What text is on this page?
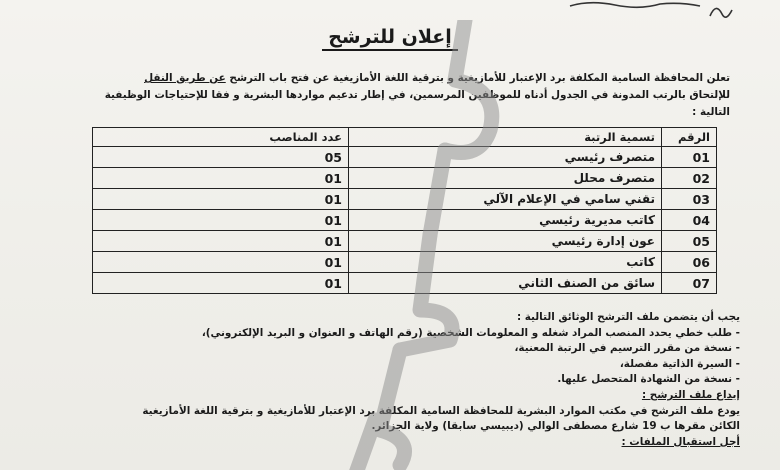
إعلان للترشح
تعلن المحافظة السامية المكلفة برد الإعتبار للأمازيغية و بترقية اللغة الأمازيغية عن فتح باب الترشح عن طريق النقل
للإلتحاق بالرتب المدونة في الجدول أدناه للموظفين المرسمين، في إطار تدعيم مواردها البشرية و فقا للإحتياجات الوظيفية
التالية :
الرقم	تسمية الرتبة	عدد المناصب
01	متصرف رئيسي	05
02	متصرف محلل	01
03	تقني سامي في الإعلام الآلي	01
04	كاتب مديرية رئيسي	01
05	عون إدارة رئيسي	01
06	كاتب	01
07	سائق من الصنف الثاني	01
يجب أن يتضمن ملف الترشح الوثائق التالية :
- طلب خطي يحدد المنصب المراد شغله و المعلومات الشخصية (رقم الهاتف و العنوان و البريد الإلكتروني)،
- نسخة من مقرر الترسيم في الرتبة المعنية،
- السيرة الذاتية مفصلة،
- نسخة من الشهادة المتحصل عليها.
إيداع ملف الترشح :
يودع ملف الترشح في مكتب الموارد البشرية للمحافظة السامية المكلفة برد الإعتبار للأمازيغية و بترقية اللغة الأمازيغية
الكائن مقرها ب 19 شارع مصطفى الوالي (ديبيسي سابقا) ولاية الجزائر.
أجل استقبال الملفات :
